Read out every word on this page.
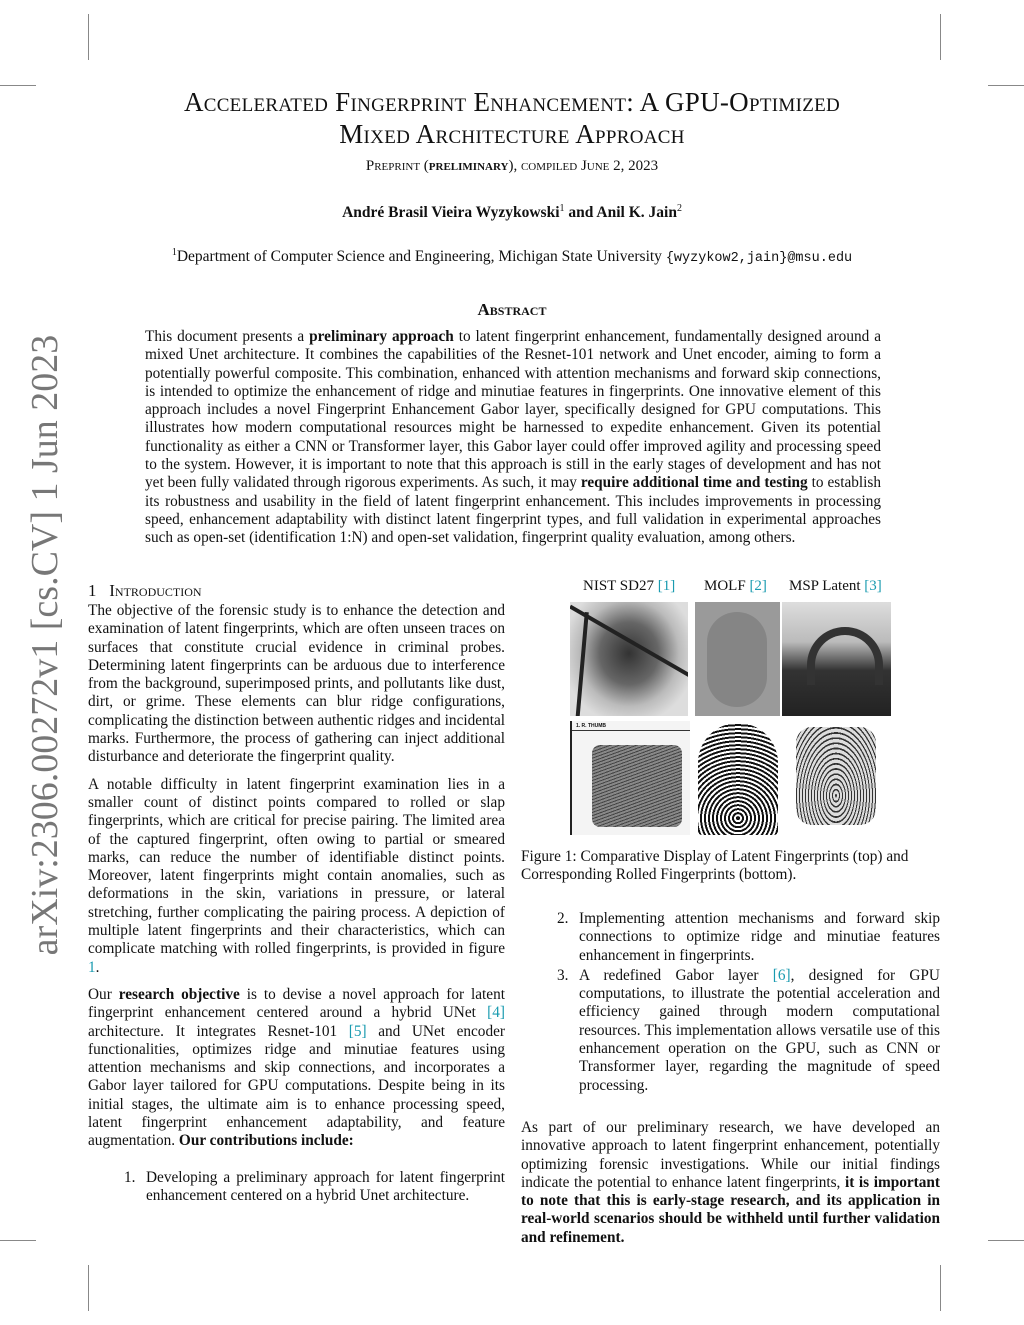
arXiv:2306.00272v1 [cs.CV] 1 Jun 2023
Accelerated Fingerprint Enhancement: A GPU-Optimized
Mixed Architecture Approach
Preprint (preliminary), compiled June 2, 2023
André Brasil Vieira Wyzykowski$^1$ and Anil K. Jain$^2$
$^1$Department of Computer Science and Engineering, Michigan State University {wyzykow2,jain}@msu.edu
Abstract
This document presents a preliminary approach to latent fingerprint enhancement, fundamentally designed around a mixed Unet architecture. It combines the capabilities of the Resnet-101 network and Unet encoder, aiming to form a potentially powerful composite. This combination, enhanced with attention mechanisms and forward skip connections, is intended to optimize the enhancement of ridge and minutiae features in fingerprints. One innovative element of this approach includes a novel Fingerprint Enhancement Gabor layer, specifically designed for GPU computations. This illustrates how modern computational resources might be harnessed to expedite enhancement. Given its potential functionality as either a CNN or Transformer layer, this Gabor layer could offer improved agility and processing speed to the system. However, it is important to note that this approach is still in the early stages of development and has not yet been fully validated through rigorous experiments. As such, it may require additional time and testing to establish its robustness and usability in the field of latent fingerprint enhancement. This includes improvements in processing speed, enhancement adaptability with distinct latent fingerprint types, and full validation in experimental approaches such as open-set (identification 1:N) and open-set validation, fingerprint quality evaluation, among others.
1 Introduction

The objective of the forensic study is to enhance the detection and examination of latent fingerprints, which are often unseen traces on surfaces that constitute crucial evidence in criminal probes. Determining latent fingerprints can be arduous due to interference from the background, superimposed prints, and pollutants like dust, dirt, or grime. These elements can blur ridge configurations, complicating the distinction between authentic ridges and incidental marks. Furthermore, the process of gathering can inject additional disturbance and deteriorate the fingerprint quality.

A notable difficulty in latent fingerprint examination lies in a smaller count of distinct points compared to rolled or slap fingerprints, which are critical for precise pairing. The limited area of the captured fingerprint, often owing to partial or smeared marks, can reduce the number of identifiable distinct points. Moreover, latent fingerprints might contain anomalies, such as deformations in the skin, variations in pressure, or lateral stretching, further complicating the pairing process. A depiction of multiple latent fingerprints and their characteristics, which can complicate matching with rolled fingerprints, is provided in figure 1.

Our research objective is to devise a novel approach for latent fingerprint enhancement centered around a hybrid UNet [4] architecture. It integrates Resnet-101 [5] and UNet encoder functionalities, optimizes ridge and minutiae features using attention mechanisms and skip connections, and incorporates a Gabor layer tailored for GPU computations. Despite being in its initial stages, the ultimate aim is to enhance processing speed, latent fingerprint enhancement adaptability, and feature augmentation. Our contributions include:

1. Developing a preliminary approach for latent fingerprint enhancement centered on a hybrid Unet architecture.
NIST SD27 [1] MOLF [2] MSP Latent [3]
1. R. THUMB
Figure 1: Comparative Display of Latent Fingerprints (top) and Corresponding Rolled Fingerprints (bottom).
2. Implementing attention mechanisms and forward skip connections to optimize ridge and minutiae features enhancement in fingerprints.
3. A redefined Gabor layer [6], designed for GPU computations, to illustrate the potential acceleration and efficiency gained through modern computational resources. This implementation allows versatile use of this enhancement operation on the GPU, such as CNN or Transformer layer, regarding the magnitude of speed processing.

As part of our preliminary research, we have developed an innovative approach to latent fingerprint enhancement, potentially optimizing forensic investigations. While our initial findings indicate the potential to enhance latent fingerprints, it is important to note that this is early-stage research, and its application in real-world scenarios should be withheld until further validation and refinement.
